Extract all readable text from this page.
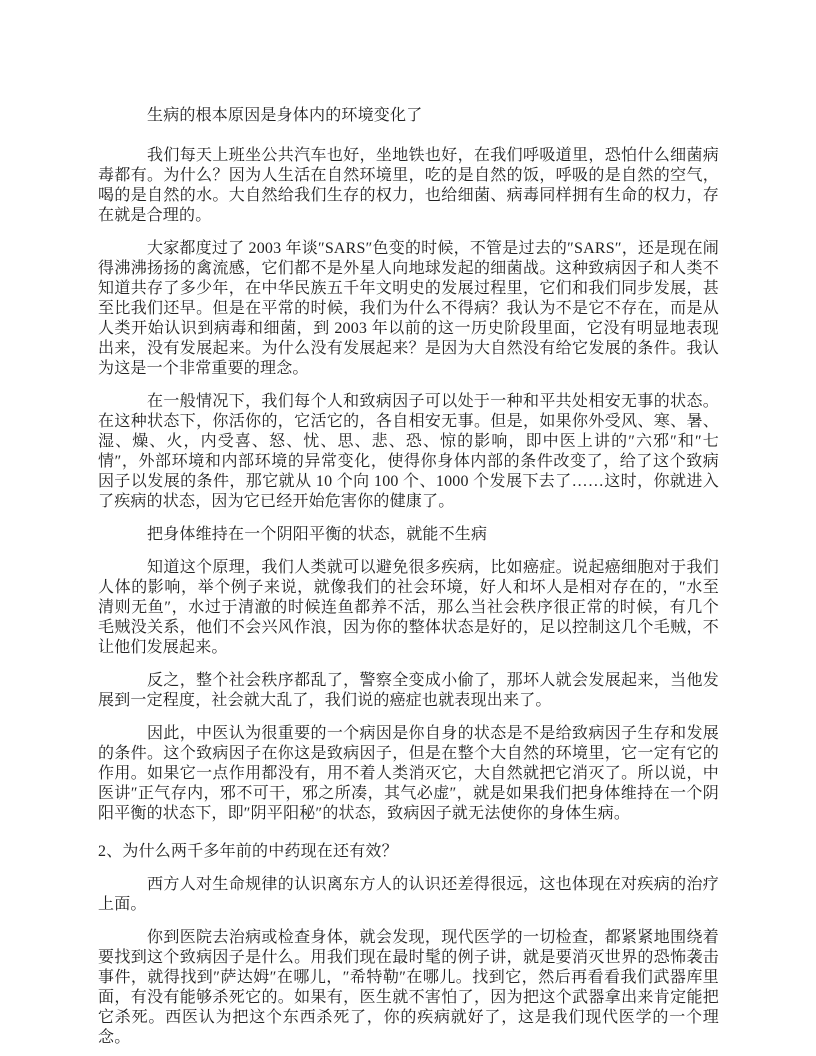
生病的根本原因是身体内的环境变化了

我们每天上班坐公共汽车也好，坐地铁也好，在我们呼吸道里，恐怕什么细菌病毒都有。为什么？因为人生活在自然环境里，吃的是自然的饭，呼吸的是自然的空气，喝的是自然的水。大自然给我们生存的权力，也给细菌、病毒同样拥有生命的权力，存在就是合理的。

大家都度过了 2003 年谈″SARS″色变的时候，不管是过去的″SARS″，还是现在闹得沸沸扬扬的禽流感，它们都不是外星人向地球发起的细菌战。这种致病因子和人类不知道共存了多少年，在中华民族五千年文明史的发展过程里，它们和我们同步发展，甚至比我们还早。但是在平常的时候，我们为什么不得病？我认为不是它不存在，而是从人类开始认识到病毒和细菌，到 2003 年以前的这一历史阶段里面，它没有明显地表现出来，没有发展起来。为什么没有发展起来？是因为大自然没有给它发展的条件。我认为这是一个非常重要的理念。

在一般情况下，我们每个人和致病因子可以处于一种和平共处相安无事的状态。在这种状态下，你活你的，它活它的，各自相安无事。但是，如果你外受风、寒、暑、湿、燥、火，内受喜、怒、忧、思、悲、恐、惊的影响，即中医上讲的″六邪″和″七情″，外部环境和内部环境的异常变化，使得你身体内部的条件改变了，给了这个致病因子以发展的条件，那它就从 10 个向 100 个、1000 个发展下去了……这时，你就进入了疾病的状态，因为它已经开始危害你的健康了。

把身体维持在一个阴阳平衡的状态，就能不生病

知道这个原理，我们人类就可以避免很多疾病，比如癌症。说起癌细胞对于我们人体的影响，举个例子来说，就像我们的社会环境，好人和坏人是相对存在的，″水至清则无鱼″，水过于清澈的时候连鱼都养不活，那么当社会秩序很正常的时候，有几个毛贼没关系，他们不会兴风作浪，因为你的整体状态是好的，足以控制这几个毛贼，不让他们发展起来。

反之，整个社会秩序都乱了，警察全变成小偷了，那坏人就会发展起来，当他发展到一定程度，社会就大乱了，我们说的癌症也就表现出来了。

因此，中医认为很重要的一个病因是你自身的状态是不是给致病因子生存和发展的条件。这个致病因子在你这是致病因子，但是在整个大自然的环境里，它一定有它的作用。如果它一点作用都没有，用不着人类消灭它，大自然就把它消灭了。所以说，中医讲″正气存内，邪不可干，邪之所凑，其气必虚″，就是如果我们把身体维持在一个阴阳平衡的状态下，即″阴平阳秘″的状态，致病因子就无法使你的身体生病。

2、为什么两千多年前的中药现在还有效？

西方人对生命规律的认识离东方人的认识还差得很远，这也体现在对疾病的治疗上面。

你到医院去治病或检查身体，就会发现，现代医学的一切检查，都紧紧地围绕着要找到这个致病因子是什么。用我们现在最时髦的例子讲，就是要消灭世界的恐怖袭击事件，就得找到″萨达姆″在哪儿，″希特勒″在哪儿。找到它，然后再看看我们武器库里面，有没有能够杀死它的。如果有，医生就不害怕了，因为把这个武器拿出来肯定能把它杀死。西医认为把这个东西杀死了，你的疾病就好了，这是我们现代医学的一个理念。
